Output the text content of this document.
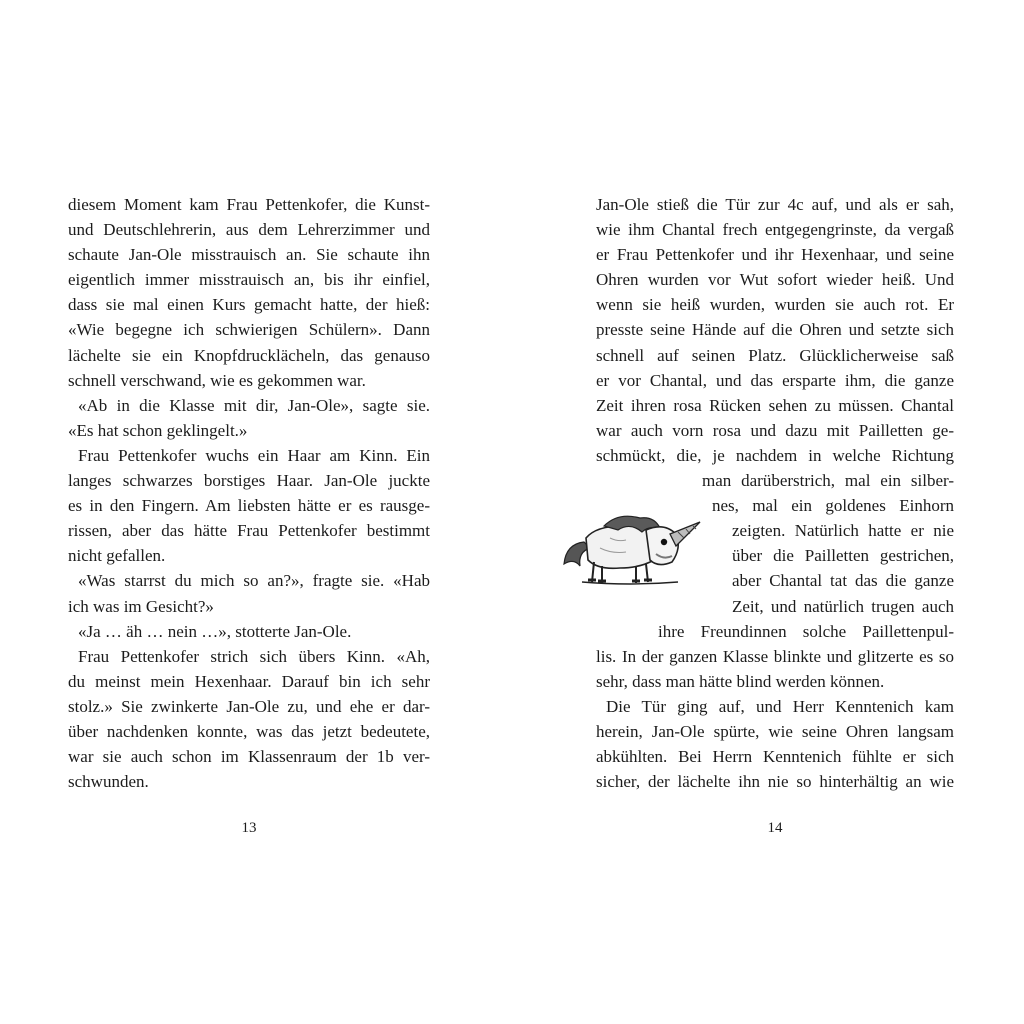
diesem Moment kam Frau Pettenkofer, die Kunst-
und Deutschlehrerin, aus dem Lehrerzimmer und
schaute Jan-Ole misstrauisch an. Sie schaute ihn
eigentlich immer misstrauisch an, bis ihr einfiel,
dass sie mal einen Kurs gemacht hatte, der hieß:
«Wie begegne ich schwierigen Schülern». Dann
lächelte sie ein Knopfdrucklächeln, das genauso
schnell verschwand, wie es gekommen war.
«Ab in die Klasse mit dir, Jan-Ole», sagte sie.
«Es hat schon geklingelt.»
Frau Pettenkofer wuchs ein Haar am Kinn. Ein
langes schwarzes borstiges Haar. Jan-Ole juckte
es in den Fingern. Am liebsten hätte er es rausge-
rissen, aber das hätte Frau Pettenkofer bestimmt
nicht gefallen.
«Was starrst du mich so an?», fragte sie. «Hab
ich was im Gesicht?»
«Ja … äh … nein …», stotterte Jan-Ole.
Frau Pettenkofer strich sich übers Kinn. «Ah,
du meinst mein Hexenhaar. Darauf bin ich sehr
stolz.» Sie zwinkerte Jan-Ole zu, und ehe er dar-
über nachdenken konnte, was das jetzt bedeutete,
war sie auch schon im Klassenraum der 1b ver-
schwunden.
Jan-Ole stieß die Tür zur 4c auf, und als er sah,
wie ihm Chantal frech entgegengrinste, da vergaß
er Frau Pettenkofer und ihr Hexenhaar, und seine
Ohren wurden vor Wut sofort wieder heiß. Und
wenn sie heiß wurden, wurden sie auch rot. Er
presste seine Hände auf die Ohren und setzte sich
schnell auf seinen Platz. Glücklicherweise saß
er vor Chantal, und das ersparte ihm, die ganze
Zeit ihren rosa Rücken sehen zu müssen. Chantal
war auch vorn rosa und dazu mit Pailletten ge-
schmückt, die, je nachdem in welche Richtung
man darüberstrich, mal ein silber-
nes, mal ein goldenes Einhorn
zeigten. Natürlich hatte er nie
über die Pailletten gestrichen,
aber Chantal tat das die ganze
Zeit, und natürlich trugen auch
ihre Freundinnen solche Paillettenpul-
lis. In der ganzen Klasse blinkte und glitzerte es so
sehr, dass man hätte blind werden können.
Die Tür ging auf, und Herr Kenntenich kam
herein, Jan-Ole spürte, wie seine Ohren langsam
abkühlten. Bei Herrn Kenntenich fühlte er sich
sicher, der lächelte ihn nie so hinterhältig an wie
13	14
